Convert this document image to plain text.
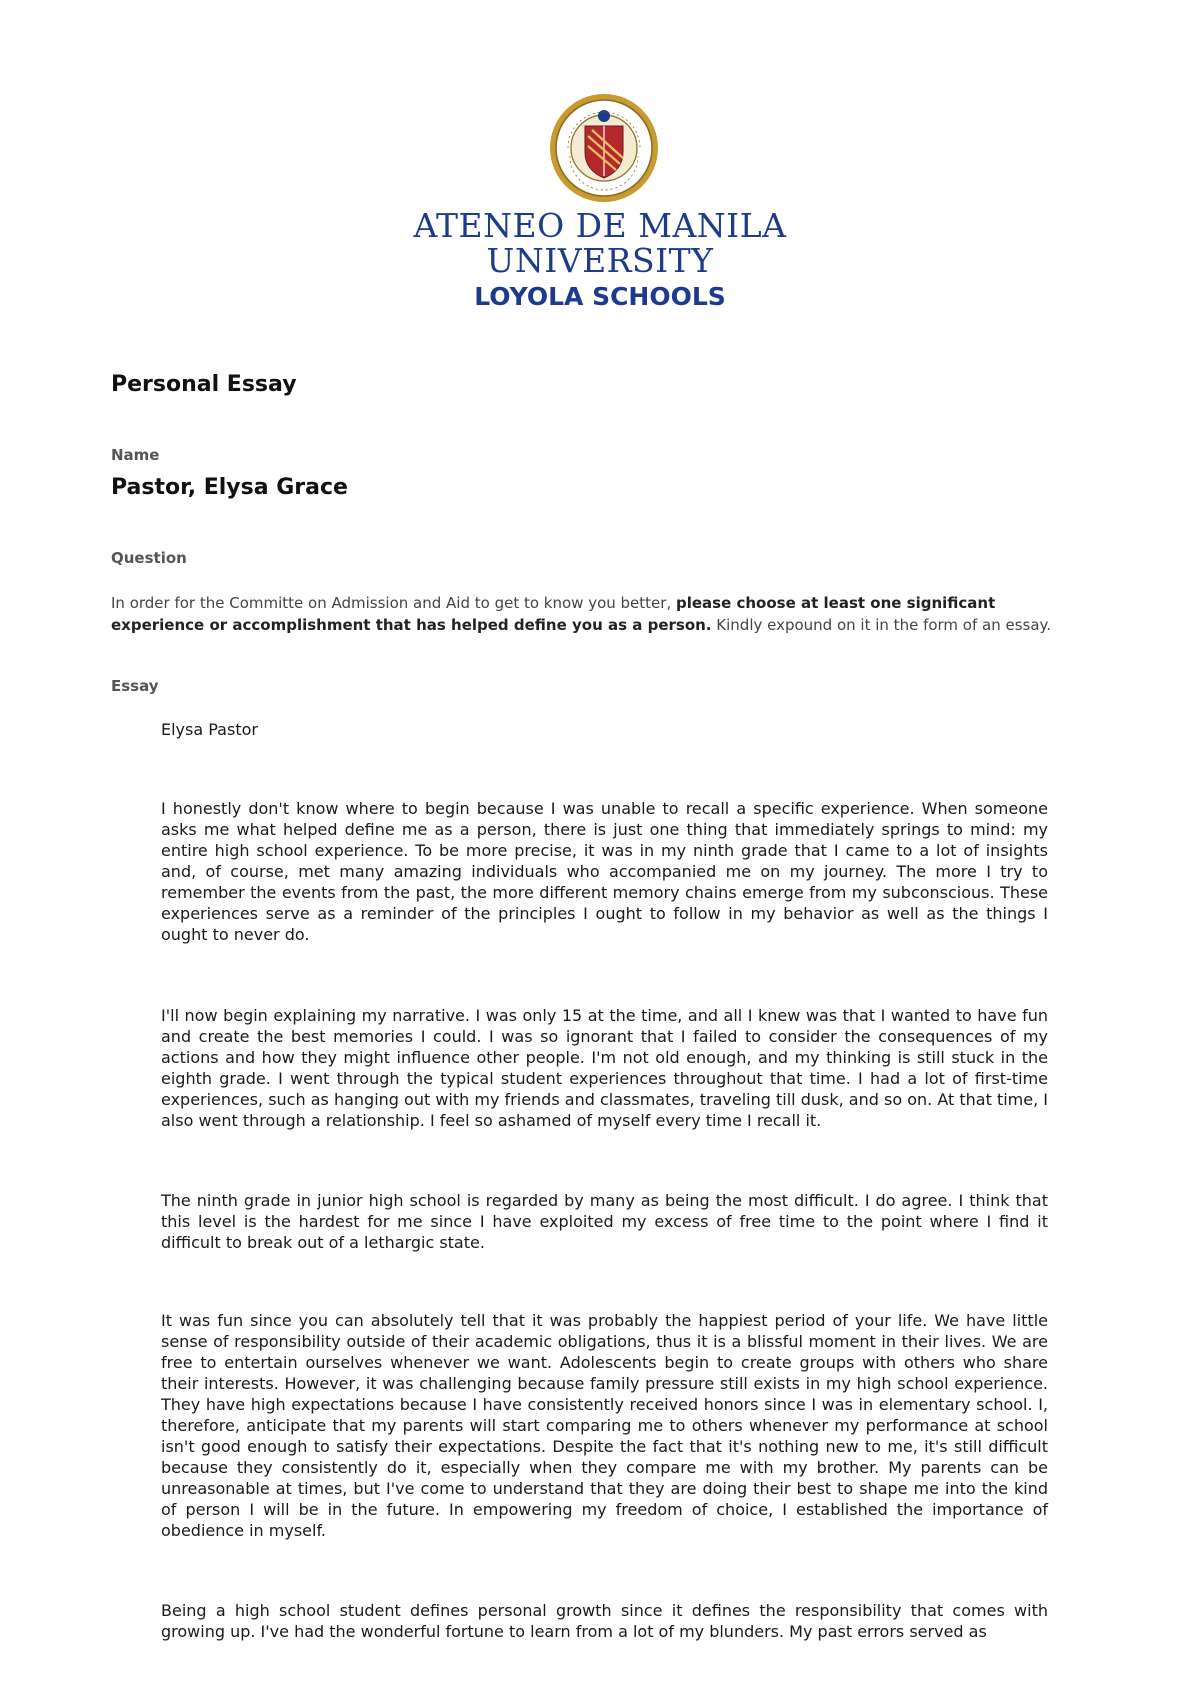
ATENEO DE MANILA
UNIVERSITY
LOYOLA SCHOOLS
Personal Essay
Name
Pastor, Elysa Grace
Question

In order for the Committe on Admission and Aid to get to know you better, please choose at least one significant experience or accomplishment that has helped define you as a person. Kindly expound on it in the form of an essay.

Essay
Elysa Pastor

I honestly don't know where to begin because I was unable to recall a specific experience. When someone asks me what helped define me as a person, there is just one thing that immediately springs to mind: my entire high school experience. To be more precise, it was in my ninth grade that I came to a lot of insights and, of course, met many amazing individuals who accompanied me on my journey. The more I try to remember the events from the past, the more different memory chains emerge from my subconscious. These experiences serve as a reminder of the principles I ought to follow in my behavior as well as the things I ought to never do.

I'll now begin explaining my narrative. I was only 15 at the time, and all I knew was that I wanted to have fun and create the best memories I could. I was so ignorant that I failed to consider the consequences of my actions and how they might influence other people. I'm not old enough, and my thinking is still stuck in the eighth grade. I went through the typical student experiences throughout that time. I had a lot of first-time experiences, such as hanging out with my friends and classmates, traveling till dusk, and so on. At that time, I also went through a relationship. I feel so ashamed of myself every time I recall it.

The ninth grade in junior high school is regarded by many as being the most difficult. I do agree. I think that this level is the hardest for me since I have exploited my excess of free time to the point where I find it difficult to break out of a lethargic state.

It was fun since you can absolutely tell that it was probably the happiest period of your life. We have little sense of responsibility outside of their academic obligations, thus it is a blissful moment in their lives. We are free to entertain ourselves whenever we want. Adolescents begin to create groups with others who share their interests. However, it was challenging because family pressure still exists in my high school experience. They have high expectations because I have consistently received honors since I was in elementary school. I, therefore, anticipate that my parents will start comparing me to others whenever my performance at school isn't good enough to satisfy their expectations. Despite the fact that it's nothing new to me, it's still difficult because they consistently do it, especially when they compare me with my brother. My parents can be unreasonable at times, but I've come to understand that they are doing their best to shape me into the kind of person I will be in the future. In empowering my freedom of choice, I established the importance of obedience in myself.

Being a high school student defines personal growth since it defines the responsibility that comes with growing up. I've had the wonderful fortune to learn from a lot of my blunders. My past errors served as
